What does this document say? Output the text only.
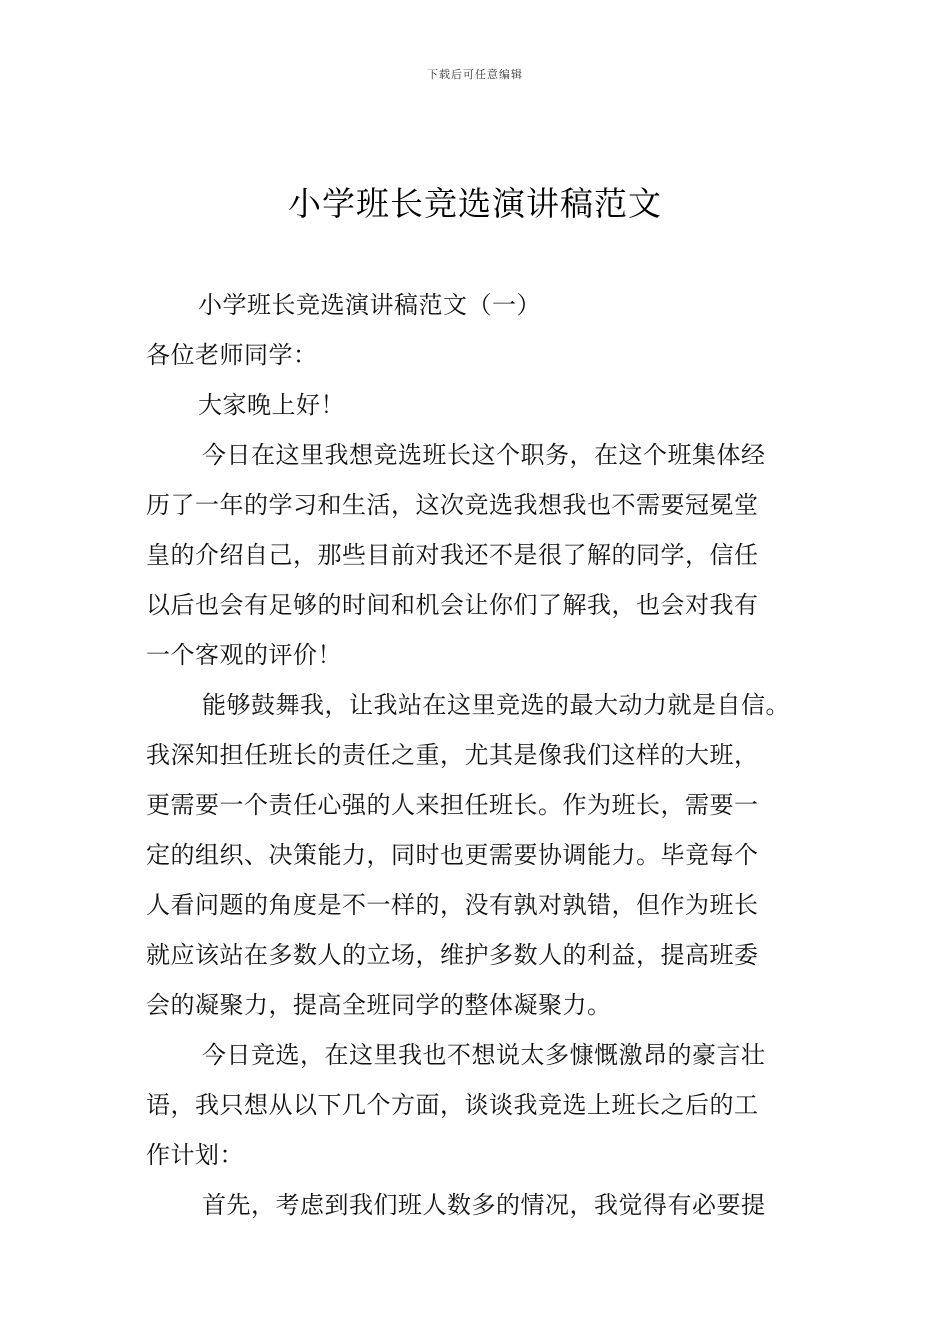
下载后可任意编辑
小学班长竞选演讲稿范文
小学班长竞选演讲稿范文（一）
各位老师同学：
大家晚上好！
今日在这里我想竞选班长这个职务，在这个班集体经
历了一年的学习和生活，这次竞选我想我也不需要冠冕堂
皇的介绍自己，那些目前对我还不是很了解的同学，信任
以后也会有足够的时间和机会让你们了解我，也会对我有
一个客观的评价！
能够鼓舞我，让我站在这里竞选的最大动力就是自信。
我深知担任班长的责任之重，尤其是像我们这样的大班，
更需要一个责任心强的人来担任班长。作为班长，需要一
定的组织、决策能力，同时也更需要协调能力。毕竟每个
人看问题的角度是不一样的，没有孰对孰错，但作为班长
就应该站在多数人的立场，维护多数人的利益，提高班委
会的凝聚力，提高全班同学的整体凝聚力。
今日竞选，在这里我也不想说太多慷慨激昂的豪言壮
语，我只想从以下几个方面，谈谈我竞选上班长之后的工
作计划：
首先，考虑到我们班人数多的情况，我觉得有必要提
